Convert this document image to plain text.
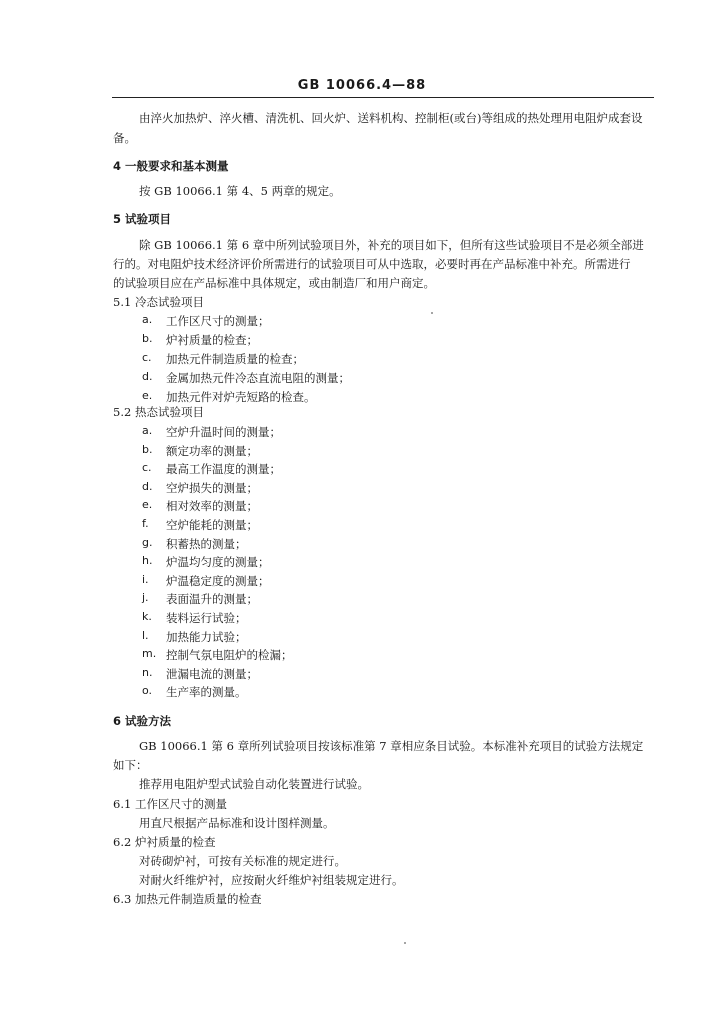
GB 10066.4—88
由淬火加热炉、淬火槽、清洗机、回火炉、送料机构、控制柜(或台)等组成的热处理用电阻炉成套设
备。
4 一般要求和基本测量
按 GB 10066.1 第 4、5 两章的规定。
5 试验项目
除 GB 10066.1 第 6 章中所列试验项目外，补充的项目如下，但所有这些试验项目不是必须全部进
行的。对电阻炉技术经济评价所需进行的试验项目可从中选取，必要时再在产品标准中补充。所需进行
的试验项目应在产品标准中具体规定，或由制造厂和用户商定。
5.1 冷态试验项目
a. 工作区尺寸的测量；
b. 炉衬质量的检查；
c. 加热元件制造质量的检查；
d. 金属加热元件冷态直流电阻的测量；
e. 加热元件对炉壳短路的检查。
5.2 热态试验项目
a. 空炉升温时间的测量；
b. 额定功率的测量；
c. 最高工作温度的测量；
d. 空炉损失的测量；
e. 相对效率的测量；
f. 空炉能耗的测量；
g. 积蓄热的测量；
h. 炉温均匀度的测量；
i. 炉温稳定度的测量；
j. 表面温升的测量；
k. 装料运行试验；
l. 加热能力试验；
m. 控制气氛电阻炉的检漏；
n. 泄漏电流的测量；
o. 生产率的测量。
6 试验方法
GB 10066.1 第 6 章所列试验项目按该标准第 7 章相应条目试验。本标准补充项目的试验方法规定
如下：
推荐用电阻炉型式试验自动化装置进行试验。
6.1 工作区尺寸的测量
用直尺根据产品标准和设计图样测量。
6.2 炉衬质量的检查
对砖砌炉衬，可按有关标准的规定进行。
对耐火纤维炉衬，应按耐火纤维炉衬组装规定进行。
6.3 加热元件制造质量的检查
